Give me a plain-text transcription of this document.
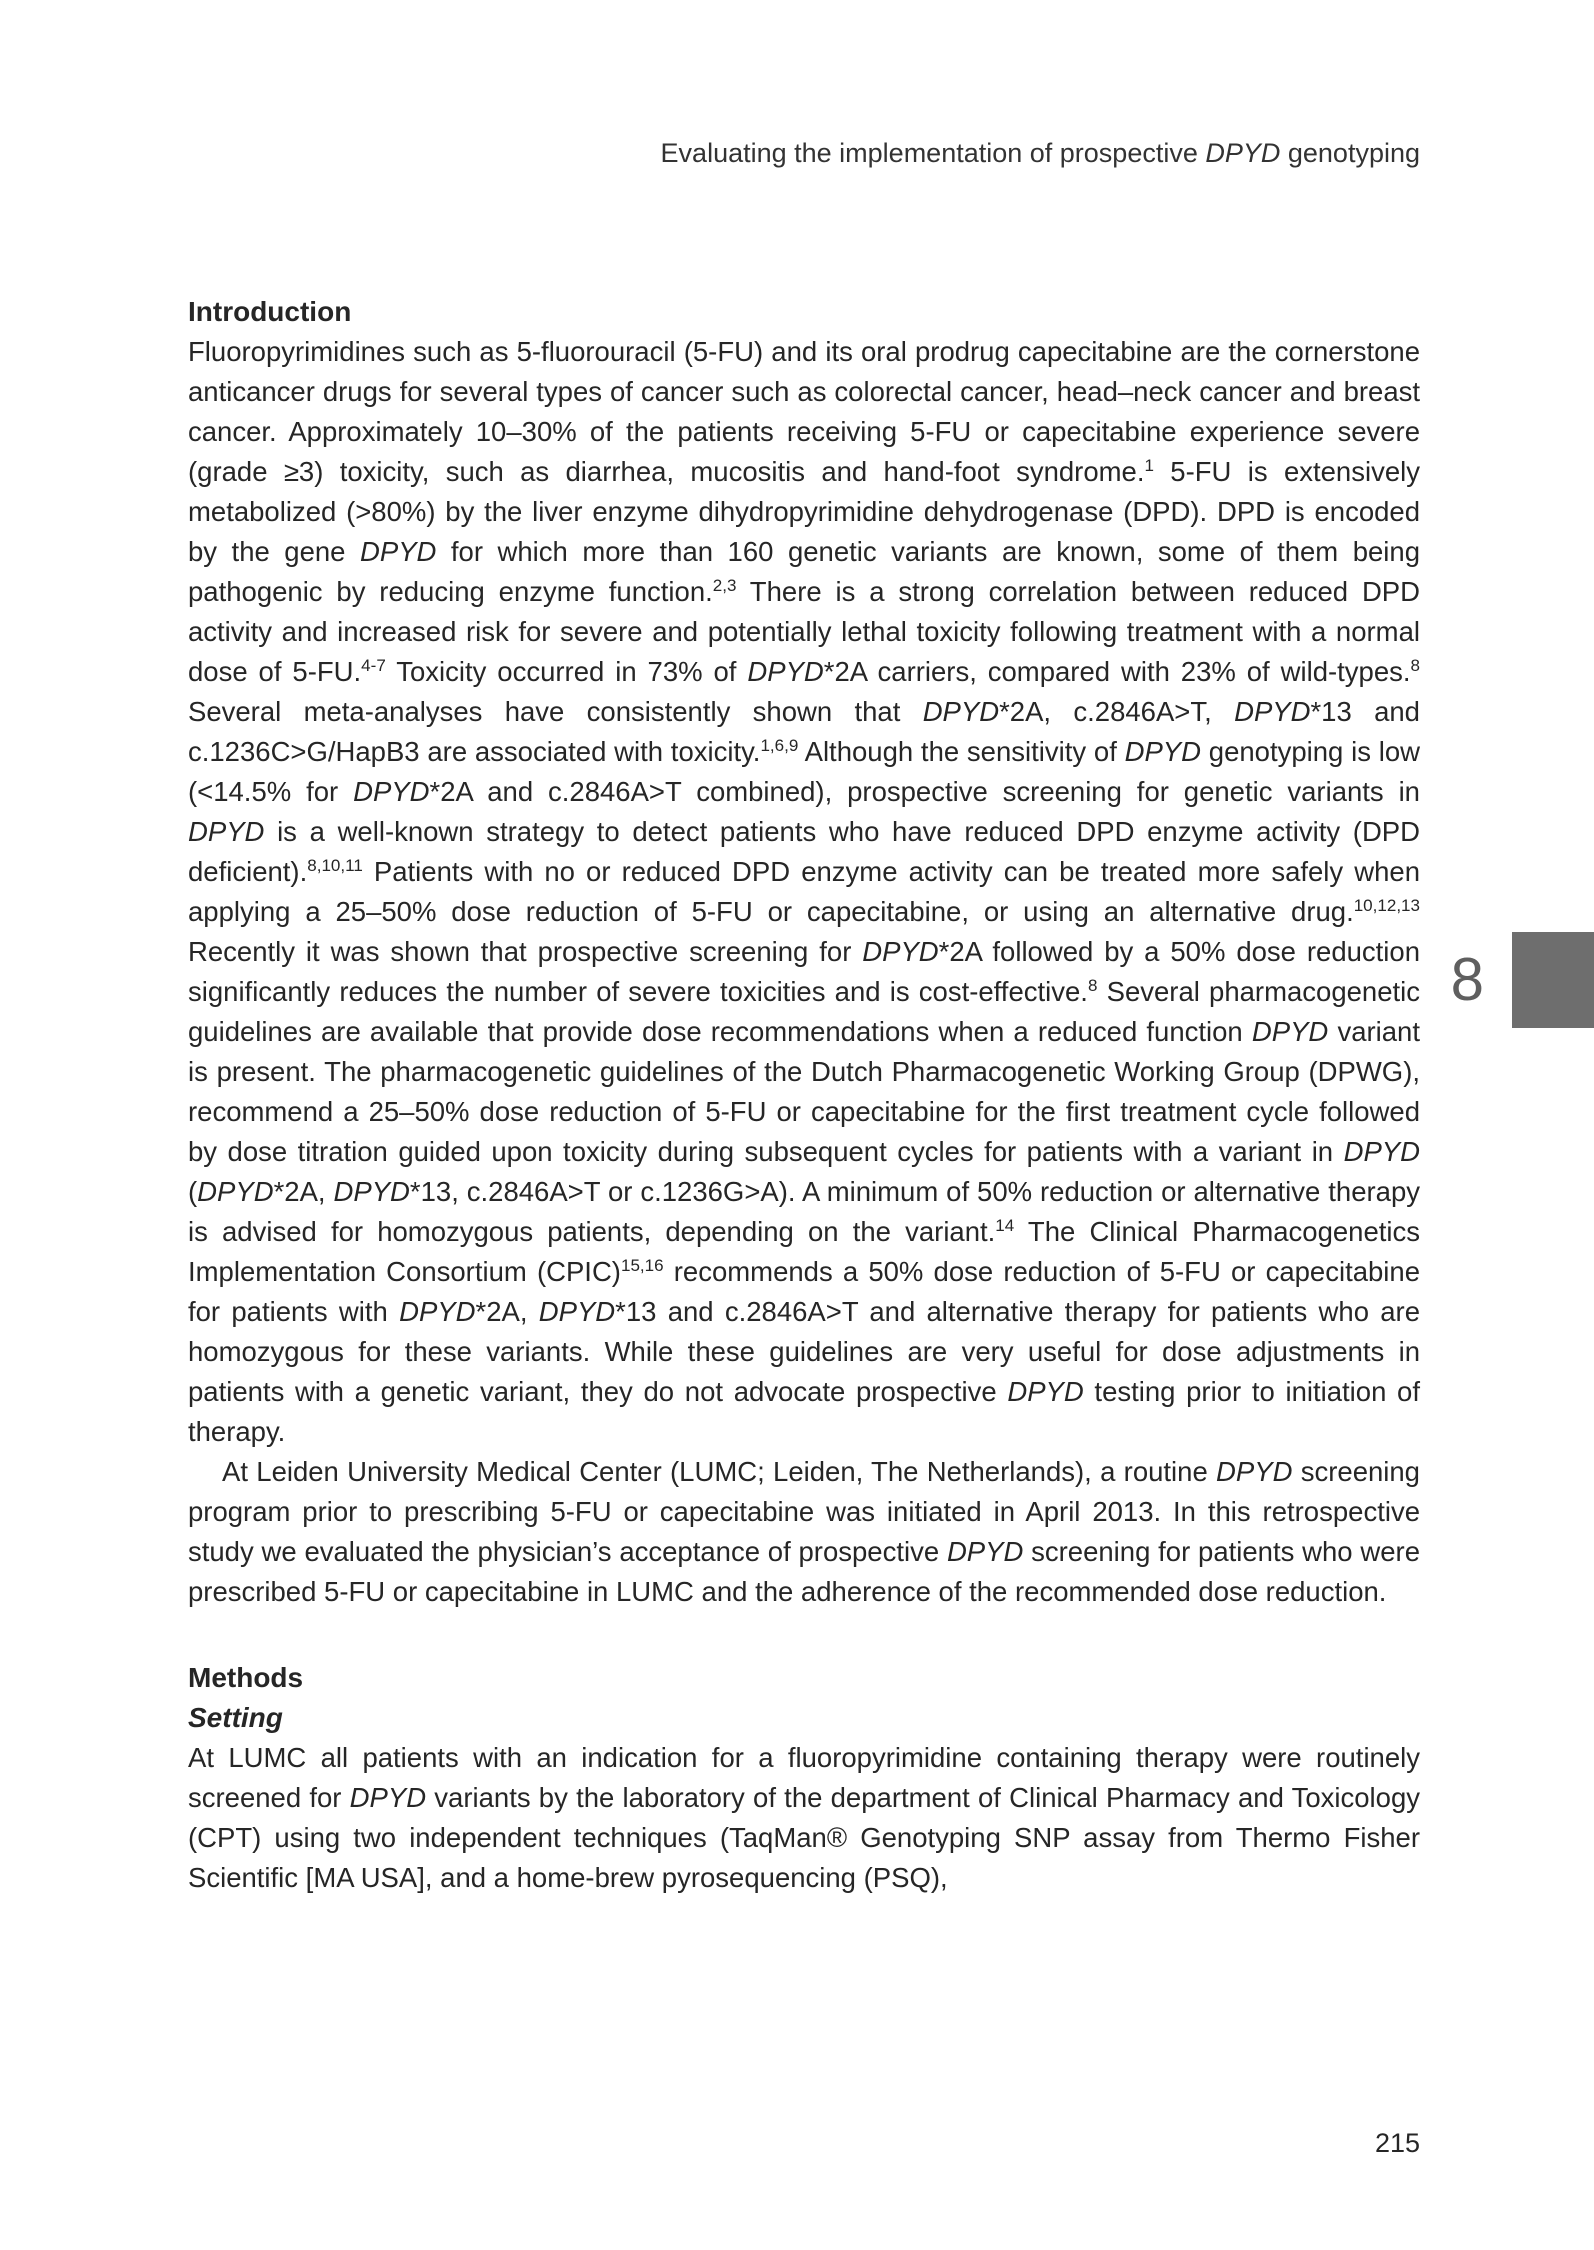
Evaluating the implementation of prospective DPYD genotyping
Introduction

Fluoropyrimidines such as 5-fluorouracil (5-FU) and its oral prodrug capecitabine are the cornerstone anticancer drugs for several types of cancer such as colorectal cancer, head–neck cancer and breast cancer. Approximately 10–30% of the patients receiving 5-FU or capecitabine experience severe (grade ≥3) toxicity, such as diarrhea, mucositis and hand-foot syndrome.$^1$ 5-FU is extensively metabolized (>80%) by the liver enzyme dihydropyrimidine dehydrogenase (DPD). DPD is encoded by the gene DPYD for which more than 160 genetic variants are known, some of them being pathogenic by reducing enzyme function.$^{2,3}$ There is a strong correlation between reduced DPD activity and increased risk for severe and potentially lethal toxicity following treatment with a normal dose of 5-FU.$^{4-7}$ Toxicity occurred in 73% of DPYD*2A carriers, compared with 23% of wild-types.$^8$ Several meta-analyses have consistently shown that DPYD*2A, c.2846A>T, DPYD*13 and c.1236C>G/HapB3 are associated with toxicity.$^{1,6,9}$ Although the sensitivity of DPYD genotyping is low (<14.5% for DPYD*2A and c.2846A>T combined), prospective screening for genetic variants in DPYD is a well-known strategy to detect patients who have reduced DPD enzyme activity (DPD deficient).$^{8,10,11}$ Patients with no or reduced DPD enzyme activity can be treated more safely when applying a 25–50% dose reduction of 5-FU or capecitabine, or using an alternative drug.$^{10,12,13}$ Recently it was shown that prospective screening for DPYD*2A followed by a 50% dose reduction significantly reduces the number of severe toxicities and is cost-effective.$^8$ Several pharmacogenetic guidelines are available that provide dose recommendations when a reduced function DPYD variant is present. The pharmacogenetic guidelines of the Dutch Pharmacogenetic Working Group (DPWG), recommend a 25–50% dose reduction of 5-FU or capecitabine for the first treatment cycle followed by dose titration guided upon toxicity during subsequent cycles for patients with a variant in DPYD (DPYD*2A, DPYD*13, c.2846A>T or c.1236G>A). A minimum of 50% reduction or alternative therapy is advised for homozygous patients, depending on the variant.$^{14}$ The Clinical Pharmacogenetics Implementation Consortium (CPIC)$^{15,16}$ recommends a 50% dose reduction of 5-FU or capecitabine for patients with DPYD*2A, DPYD*13 and c.2846A>T and alternative therapy for patients who are homozygous for these variants. While these guidelines are very useful for dose adjustments in patients with a genetic variant, they do not advocate prospective DPYD testing prior to initiation of therapy.

At Leiden University Medical Center (LUMC; Leiden, The Netherlands), a routine DPYD screening program prior to prescribing 5-FU or capecitabine was initiated in April 2013. In this retrospective study we evaluated the physician’s acceptance of prospective DPYD screening for patients who were prescribed 5-FU or capecitabine in LUMC and the adherence of the recommended dose reduction.

Methods
Setting

At LUMC all patients with an indication for a fluoropyrimidine containing therapy were routinely screened for DPYD variants by the laboratory of the department of Clinical Pharmacy and Toxicology (CPT) using two independent techniques (TaqMan® Genotyping SNP assay from Thermo Fisher Scientific [MA USA], and a home-brew pyrosequencing (PSQ),

8
215
